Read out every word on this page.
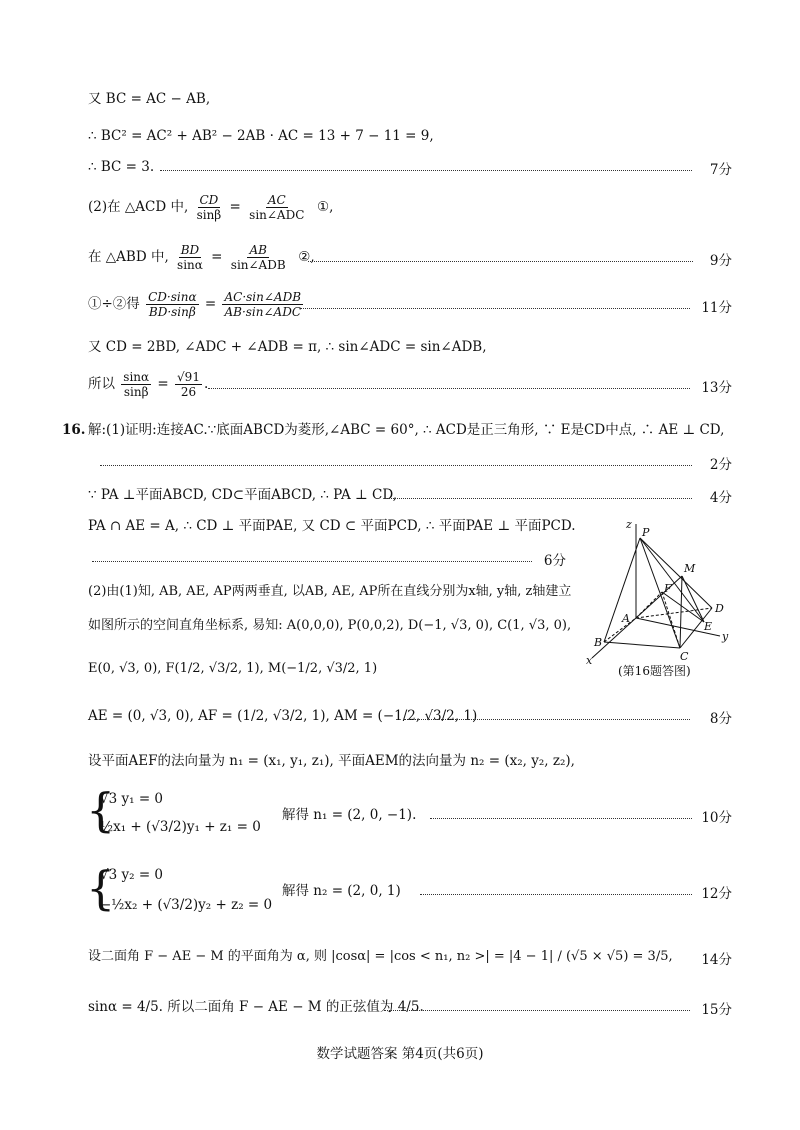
又 BC = AC − AB,
∴ BC² = AC² + AB² − 2AB · AC = 13 + 7 − 11 = 9,
∴ BC = 3.	7分
(2)在 △ACD 中, $\frac{CD}{\sin\beta} = \frac{AC}{\text{sin∠ADC}}$ ①,
在 △ABD 中, $\frac{BD}{\sin\alpha} = \frac{AB}{\text{sin∠ADB}}$ ②,	9分
①÷②得 $\frac{CD\cdot\sin\alpha}{BD\cdot\sin\beta} = \frac{\text{AC·sin∠ADB}}{\text{AB·sin∠ADC}}$	11分
又 CD = 2BD, ∠ADC + ∠ADB = π, ∴ sin∠ADC = sin∠ADB,
所以 $\frac{\sin\alpha}{\sin\beta} = \frac{√91}{26}$ .	13分
16. 解:(1)证明:连接AC.∵底面ABCD为菱形,∠ABC = 60°, ∴ ACD是正三角形, ∵ E是CD中点, ∴ AE ⊥ CD,
2分
∵ PA ⊥平面ABCD, CD⊂平面ABCD, ∴ PA ⊥ CD,	4分
PA ∩ AE = A, ∴ CD ⊥ 平面PAE, 又 CD ⊂ 平面PCD, ∴ 平面PAE ⊥ 平面PCD.
6分
(2)由(1)知, AB, AE, AP两两垂直, 以AB, AE, AP所在直线分别为x轴, y轴, z轴建立
如图所示的空间直角坐标系, 易知: A(0,0,0), P(0,0,2), D(−1, √3, 0), C(1, √3, 0),
E(0, √3, 0), F(1/2, √3/2, 1), M(−1/2, √3/2, 1)
AE = (0, √3, 0), AF = (1/2, √3/2, 1), AM = (−1/2, √3/2, 1)	8分
设平面AEF的法向量为 n₁ = (x₁, y₁, z₁), 平面AEM的法向量为 n₂ = (x₂, y₂, z₂),
{
√3 y₁ = 0
½x₁ + (√3/2)y₁ + z₁ = 0
解得 n₁ = (2, 0, −1).	10分
{
√3 y₂ = 0
−½x₂ + (√3/2)y₂ + z₂ = 0
解得 n₂ = (2, 0, 1)	12分
设二面角 F − AE − M 的平面角为 α, 则 |cosα| = |cos < n₁, n₂ >| = |4 − 1| / (√5 × √5) = 3/5, 14分
sinα = 4/5. 所以二面角 F − AE − M 的正弦值为 4/5.	15分
z
P
M
A
F
D
B
E
C
x
y
(第16题答图)
数学试题答案 第4页(共6页)
